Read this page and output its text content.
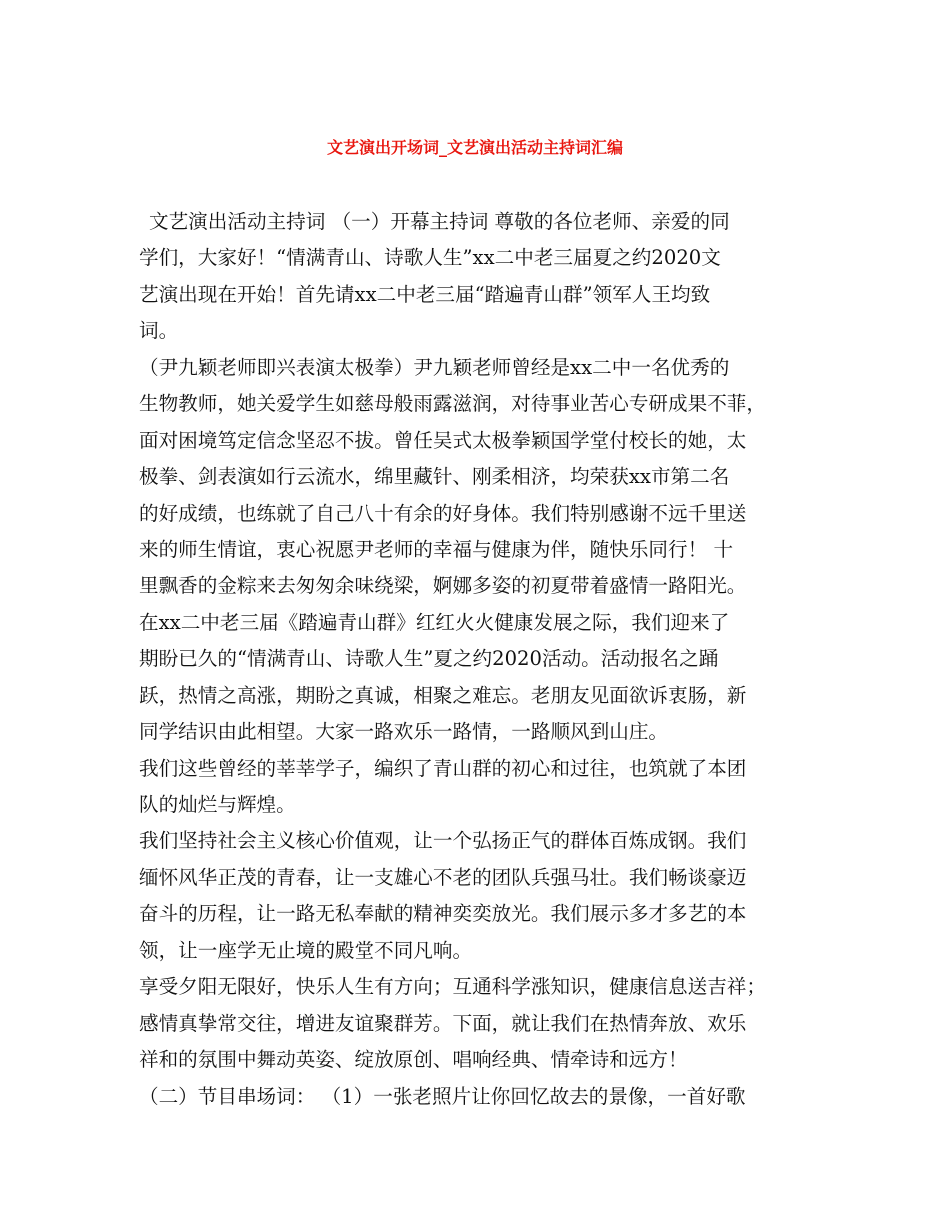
文艺演出开场词_文艺演出活动主持词汇编
文艺演出活动主持词 （一）开幕主持词 尊敬的各位老师、亲爱的同
学们，大家好！“情满青山、诗歌人生”xx二中老三届夏之约2020文
艺演出现在开始！首先请xx二中老三届“踏遍青山群”领军人王均致
词。
（尹九颖老师即兴表演太极拳）尹九颖老师曾经是xx二中一名优秀的
生物教师，她关爱学生如慈母般雨露滋润，对待事业苦心专研成果不菲，
面对困境笃定信念坚忍不拔。曾任吴式太极拳颖国学堂付校长的她，太
极拳、剑表演如行云流水，绵里藏针、刚柔相济，均荣获xx市第二名
的好成绩，也练就了自己八十有余的好身体。我们特别感谢不远千里送
来的师生情谊，衷心祝愿尹老师的幸福与健康为伴，随快乐同行！ 十
里飘香的金粽来去匆匆余味绕梁，婀娜多姿的初夏带着盛情一路阳光。
在xx二中老三届《踏遍青山群》红红火火健康发展之际，我们迎来了
期盼已久的“情满青山、诗歌人生”夏之约2020活动。活动报名之踊
跃，热情之高涨，期盼之真诚，相聚之难忘。老朋友见面欲诉衷肠，新
同学结识由此相望。大家一路欢乐一路情，一路顺风到山庄。
我们这些曾经的莘莘学子，编织了青山群的初心和过往，也筑就了本团
队的灿烂与辉煌。
我们坚持社会主义核心价值观，让一个弘扬正气的群体百炼成钢。我们
缅怀风华正茂的青春，让一支雄心不老的团队兵强马壮。我们畅谈豪迈
奋斗的历程，让一路无私奉献的精神奕奕放光。我们展示多才多艺的本
领，让一座学无止境的殿堂不同凡响。
享受夕阳无限好，快乐人生有方向；互通科学涨知识，健康信息送吉祥；
感情真挚常交往，增进友谊聚群芳。下面，就让我们在热情奔放、欢乐
祥和的氛围中舞动英姿、绽放原创、唱响经典、情牵诗和远方！
（二）节目串场词： （1）一张老照片让你回忆故去的景像，一首好歌
